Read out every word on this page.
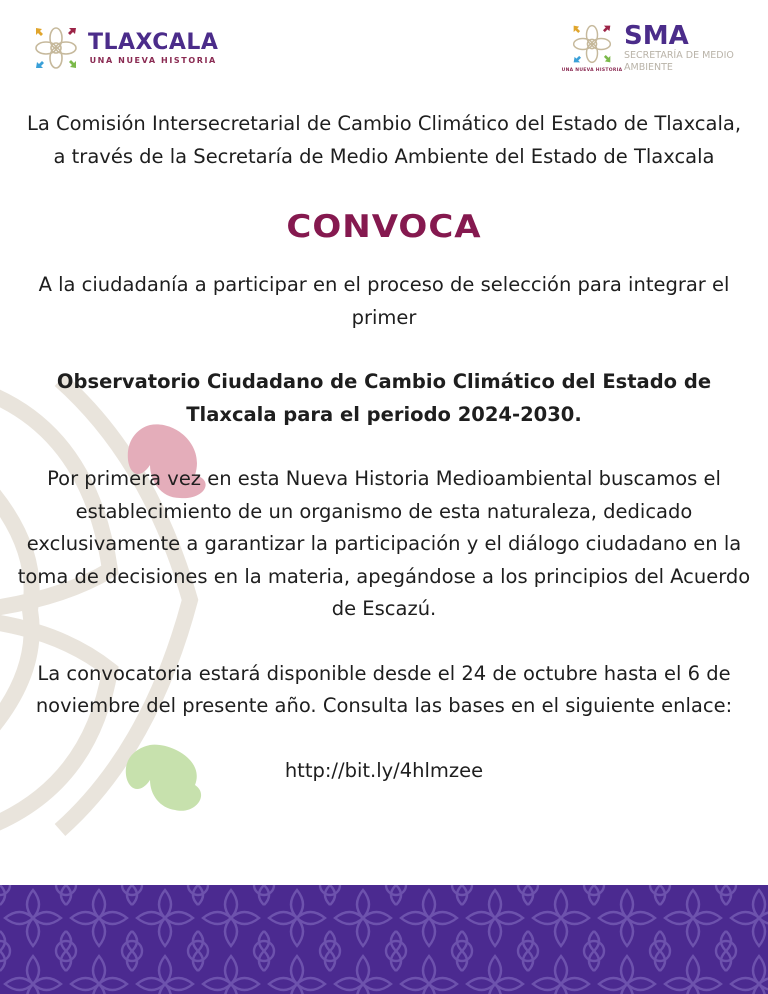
TLAXCALA
UNA NUEVA HISTORIA
UNA NUEVA HISTORIA
SMA
SECRETARÍA DE MEDIO
AMBIENTE

La Comisión Intersecretarial de Cambio Climático del Estado de Tlaxcala, a través de la Secretaría de Medio Ambiente del Estado de Tlaxcala

CONVOCA

A la ciudadanía a participar en el proceso de selección para integrar el primer

Observatorio Ciudadano de Cambio Climático del Estado de Tlaxcala para el periodo 2024-2030.

Por primera vez en esta Nueva Historia Medioambiental buscamos el establecimiento de un organismo de esta naturaleza, dedicado exclusivamente a garantizar la participación y el diálogo ciudadano en la toma de decisiones en la materia, apegándose a los principios del Acuerdo de Escazú.

La convocatoria estará disponible desde el 24 de octubre hasta el 6 de noviembre del presente año. Consulta las bases en el siguiente enlace:

http://bit.ly/4hlmzee
